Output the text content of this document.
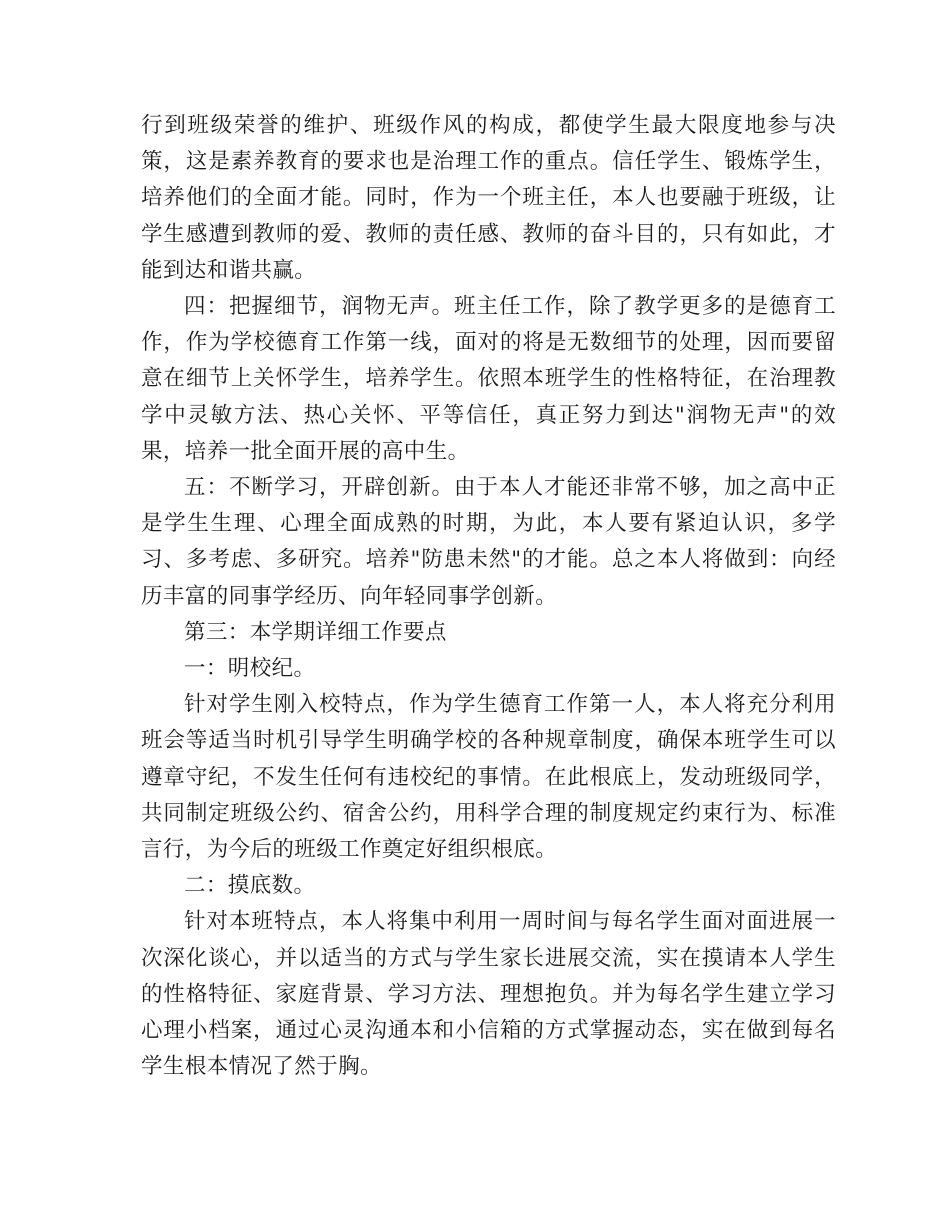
行到班级荣誉的维护、班级作风的构成，都使学生最大限度地参与决策，这是素养教育的要求也是治理工作的重点。信任学生、锻炼学生，培养他们的全面才能。同时，作为一个班主任，本人也要融于班级，让学生感遭到教师的爱、教师的责任感、教师的奋斗目的，只有如此，才能到达和谐共赢。

四：把握细节，润物无声。班主任工作，除了教学更多的是德育工作，作为学校德育工作第一线，面对的将是无数细节的处理，因而要留意在细节上关怀学生，培养学生。依照本班学生的性格特征，在治理教学中灵敏方法、热心关怀、平等信任，真正努力到达"润物无声"的效果，培养一批全面开展的高中生。

五：不断学习，开辟创新。由于本人才能还非常不够，加之高中正是学生生理、心理全面成熟的时期，为此，本人要有紧迫认识，多学习、多考虑、多研究。培养"防患未然"的才能。总之本人将做到：向经历丰富的同事学经历、向年轻同事学创新。

第三：本学期详细工作要点

一：明校纪。

针对学生刚入校特点，作为学生德育工作第一人，本人将充分利用班会等适当时机引导学生明确学校的各种规章制度，确保本班学生可以遵章守纪，不发生任何有违校纪的事情。在此根底上，发动班级同学，共同制定班级公约、宿舍公约，用科学合理的制度规定约束行为、标准言行，为今后的班级工作奠定好组织根底。

二：摸底数。

针对本班特点，本人将集中利用一周时间与每名学生面对面进展一次深化谈心，并以适当的方式与学生家长进展交流，实在摸请本人学生的性格特征、家庭背景、学习方法、理想抱负。并为每名学生建立学习心理小档案，通过心灵沟通本和小信箱的方式掌握动态，实在做到每名学生根本情况了然于胸。
